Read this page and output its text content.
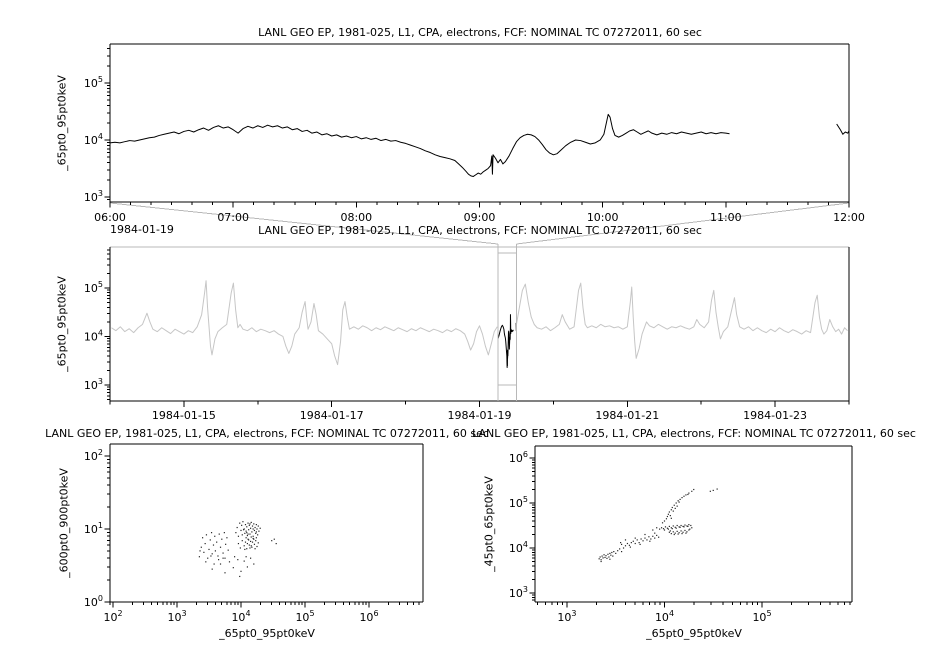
$10^3$
$10^4$
$10^5$
06:00	07:00	08:00	09:00	10:00	11:00	12:00
$10^3$
$10^4$
$10^5$
1984-01-15	1984-01-17	1984-01-19	1984-01-21	1984-01-23
$10^0$
$10^1$
$10^2$
$10^2$	$10^3$	$10^4$	$10^5$	$10^6$
$10^3$
$10^4$
$10^5$
$10^6$
$10^3$	$10^4$	$10^5$
LANL GEO EP, 1981-025, L1, CPA, electrons, FCF: NOMINAL TC 07272011, 60 sec
LANL GEO EP, 1981-025, L1, CPA, electrons, FCF: NOMINAL TC 07272011, 60 sec
LANL GEO EP, 1981-025, L1, CPA, electrons, FCF: NOMINAL TC 07272011, 60 sec
LANL GEO EP, 1981-025, L1, CPA, electrons, FCF: NOMINAL TC 07272011, 60 sec
1984-01-19
_65pt0_95pt0keV
_65pt0_95pt0keV
_600pt0_900pt0keV	_45pt0_65pt0keV
_65pt0_95pt0keV	_65pt0_95pt0keV
